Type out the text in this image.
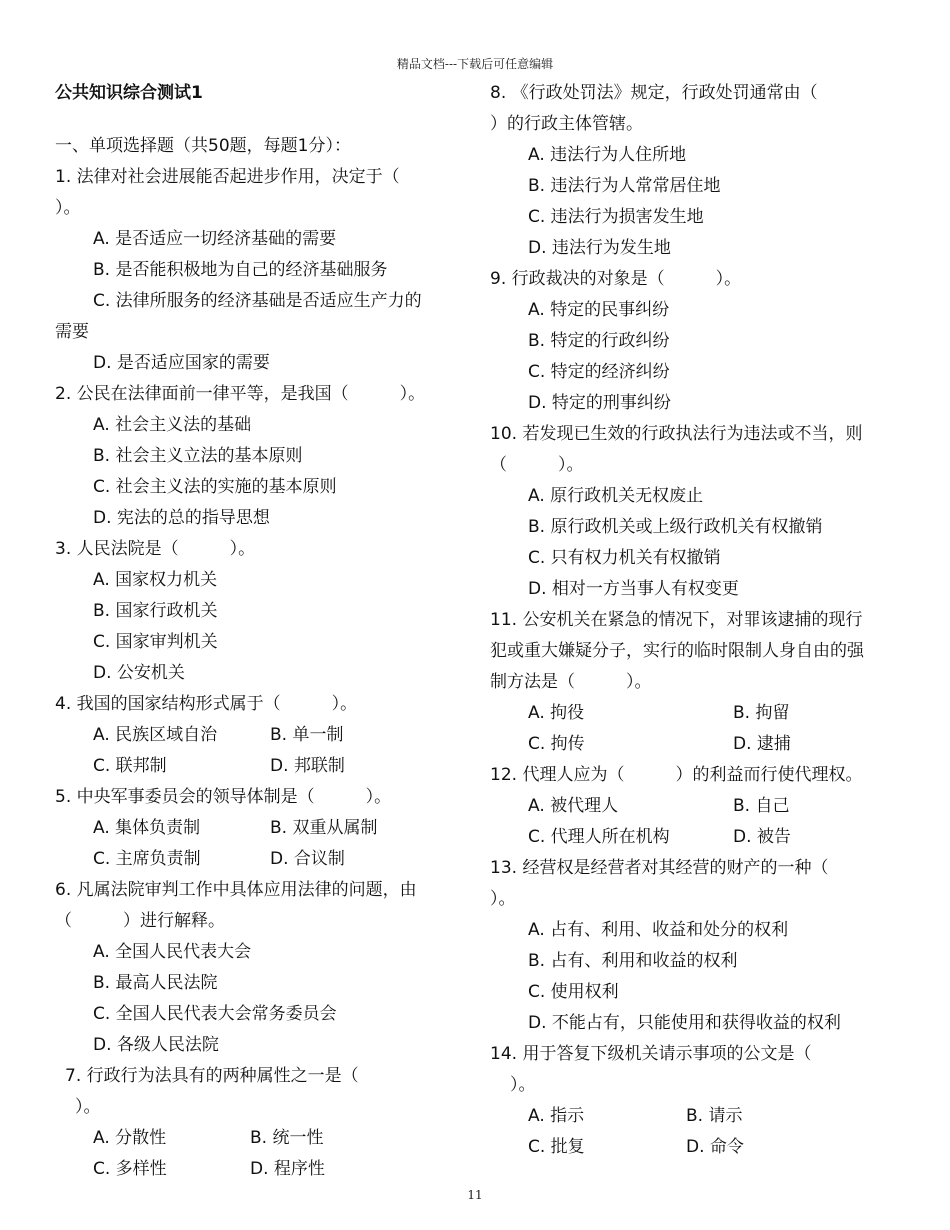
精品文档---下载后可任意编辑
公共知识综合测试1
一、单项选择题（共50题，每题1分）：
1. 法律对社会进展能否起进步作用，决定于（
）。
A. 是否适应一切经济基础的需要
B. 是否能积极地为自己的经济基础服务
C. 法律所服务的经济基础是否适应生产力的
需要
D. 是否适应国家的需要
2. 公民在法律面前一律平等，是我国（　　　）。
A. 社会主义法的基础
B. 社会主义立法的基本原则
C. 社会主义法的实施的基本原则
D. 宪法的总的指导思想
3. 人民法院是（　　　）。
A. 国家权力机关
B. 国家行政机关
C. 国家审判机关
D. 公安机关
4. 我国的国家结构形式属于（　　　）。
A. 民族区域自治	B. 单一制
C. 联邦制	D. 邦联制
5. 中央军事委员会的领导体制是（　　　）。
A. 集体负责制	B. 双重从属制
C. 主席负责制	D. 合议制
6. 凡属法院审判工作中具体应用法律的问题，由
（　　　）进行解释。
A. 全国人民代表大会
B. 最高人民法院
C. 全国人民代表大会常务委员会
D. 各级人民法院
7. 行政行为法具有的两种属性之一是（
）。
A. 分散性	B. 统一性
C. 多样性	D. 程序性
8. 《行政处罚法》规定，行政处罚通常由（
）的行政主体管辖。
A. 违法行为人住所地
B. 违法行为人常常居住地
C. 违法行为损害发生地
D. 违法行为发生地
9. 行政裁决的对象是（　　　）。
A. 特定的民事纠纷
B. 特定的行政纠纷
C. 特定的经济纠纷
D. 特定的刑事纠纷
10. 若发现已生效的行政执法行为违法或不当，则
（　　　）。
A. 原行政机关无权废止
B. 原行政机关或上级行政机关有权撤销
C. 只有权力机关有权撤销
D. 相对一方当事人有权变更
11. 公安机关在紧急的情况下，对罪该逮捕的现行
犯或重大嫌疑分子，实行的临时限制人身自由的强
制方法是（　　　）。
A. 拘役	B. 拘留
C. 拘传	D. 逮捕
12. 代理人应为（　　　）的利益而行使代理权。
A. 被代理人	B. 自己
C. 代理人所在机构	D. 被告
13. 经营权是经营者对其经营的财产的一种（
）。
A. 占有、利用、收益和处分的权利
B. 占有、利用和收益的权利
C. 使用权利
D. 不能占有，只能使用和获得收益的权利
14. 用于答复下级机关请示事项的公文是（
）。
A. 指示	B. 请示
C. 批复	D. 命令
11
